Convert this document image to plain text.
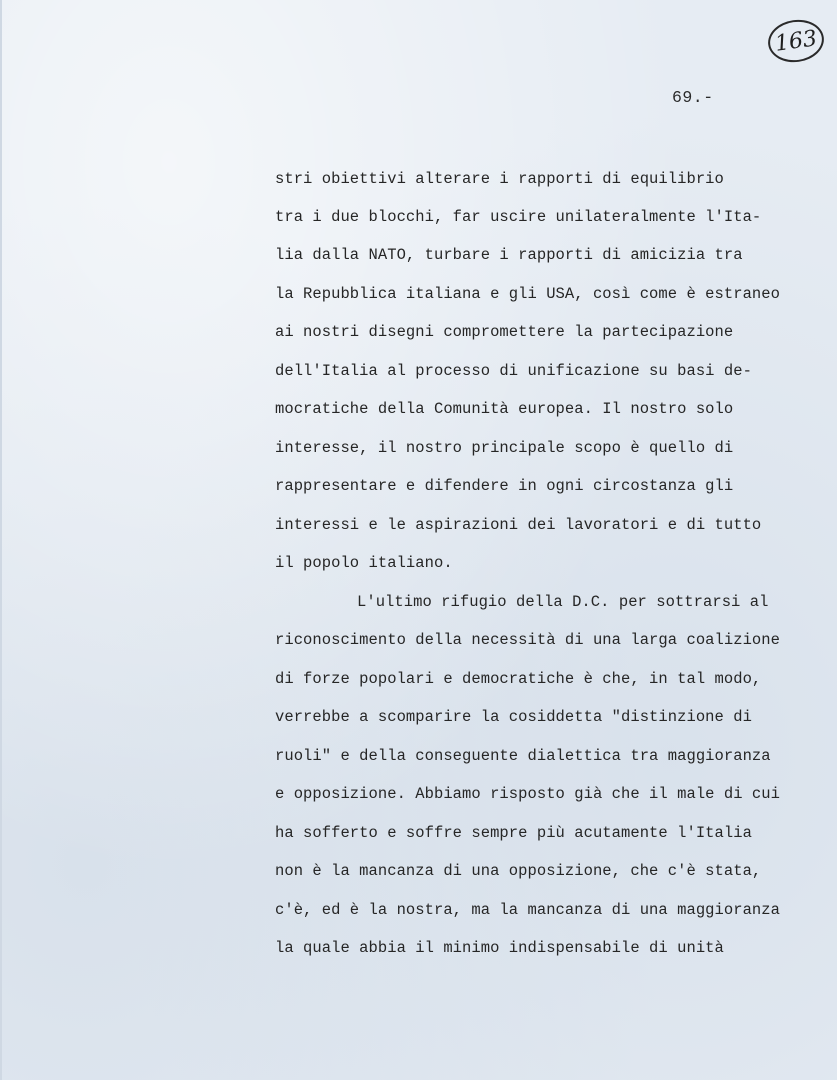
163
69.-
stri obiettivi alterare i rapporti di equilibrio
tra i due blocchi, far uscire unilateralmente l'Ita-
lia dalla NATO, turbare i rapporti di amicizia tra
la Repubblica italiana e gli USA, così come è estraneo
ai nostri disegni compromettere la partecipazione
dell'Italia al processo di unificazione su basi de-
mocratiche della Comunità europea. Il nostro solo
interesse, il nostro principale scopo è quello di
rappresentare e difendere in ogni circostanza gli
interessi e le aspirazioni dei lavoratori e di tutto
il popolo italiano.
L'ultimo rifugio della D.C. per sottrarsi al
riconoscimento della necessità di una larga coalizione
di forze popolari e democratiche è che, in tal modo,
verrebbe a scomparire la cosiddetta "distinzione di
ruoli" e della conseguente dialettica tra maggioranza
e opposizione. Abbiamo risposto già che il male di cui
ha sofferto e soffre sempre più acutamente l'Italia
non è la mancanza di una opposizione, che c'è stata,
c'è, ed è la nostra, ma la mancanza di una maggioranza
la quale abbia il minimo indispensabile di unità
